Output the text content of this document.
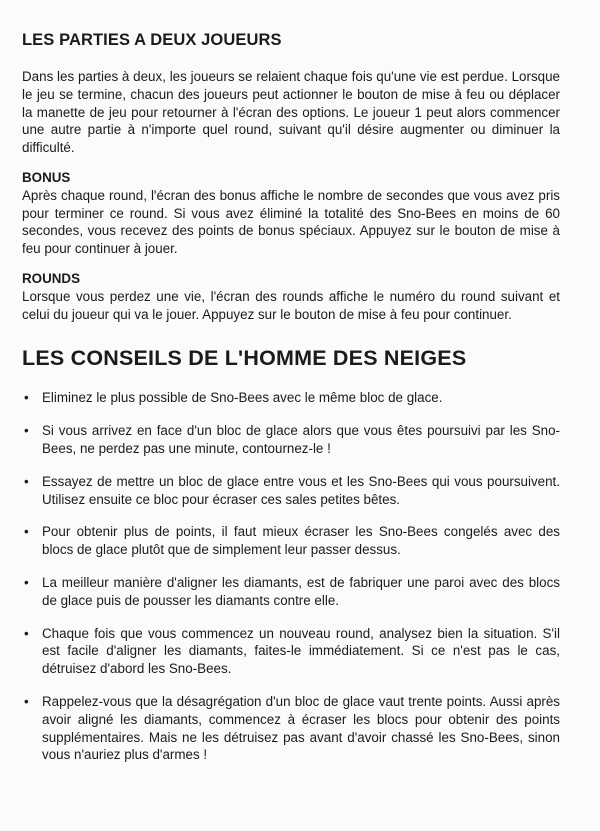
LES PARTIES A DEUX JOUEURS

Dans les parties à deux, les joueurs se relaient chaque fois qu'une vie est perdue. Lorsque le jeu se termine, chacun des joueurs peut actionner le bouton de mise à feu ou déplacer la manette de jeu pour retourner à l'écran des options. Le joueur 1 peut alors commencer une autre partie à n'importe quel round, suivant qu'il désire augmenter ou diminuer la difficulté.

BONUS

Après chaque round, l'écran des bonus affiche le nombre de secondes que vous avez pris pour terminer ce round. Si vous avez éliminé la totalité des Sno-Bees en moins de 60 secondes, vous recevez des points de bonus spéciaux. Appuyez sur le bouton de mise à feu pour continuer à jouer.

ROUNDS

Lorsque vous perdez une vie, l'écran des rounds affiche le numéro du round suivant et celui du joueur qui va le jouer. Appuyez sur le bouton de mise à feu pour continuer.

LES CONSEILS DE L'HOMME DES NEIGES
• Eliminez le plus possible de Sno-Bees avec le même bloc de glace.
• Si vous arrivez en face d'un bloc de glace alors que vous êtes poursuivi par les Sno-Bees, ne perdez pas une minute, contournez-le !
• Essayez de mettre un bloc de glace entre vous et les Sno-Bees qui vous poursuivent. Utilisez ensuite ce bloc pour écraser ces sales petites bêtes.
• Pour obtenir plus de points, il faut mieux écraser les Sno-Bees congelés avec des blocs de glace plutôt que de simplement leur passer dessus.
• La meilleur manière d'aligner les diamants, est de fabriquer une paroi avec des blocs de glace puis de pousser les diamants contre elle.
• Chaque fois que vous commencez un nouveau round, analysez bien la situation. S'il est facile d'aligner les diamants, faites-le immédiatement. Si ce n'est pas le cas, détruisez d'abord les Sno-Bees.
• Rappelez-vous que la désagrégation d'un bloc de glace vaut trente points. Aussi après avoir aligné les diamants, commencez à écraser les blocs pour obtenir des points supplémentaires. Mais ne les détruisez pas avant d'avoir chassé les Sno-Bees, sinon vous n'auriez plus d'armes !
